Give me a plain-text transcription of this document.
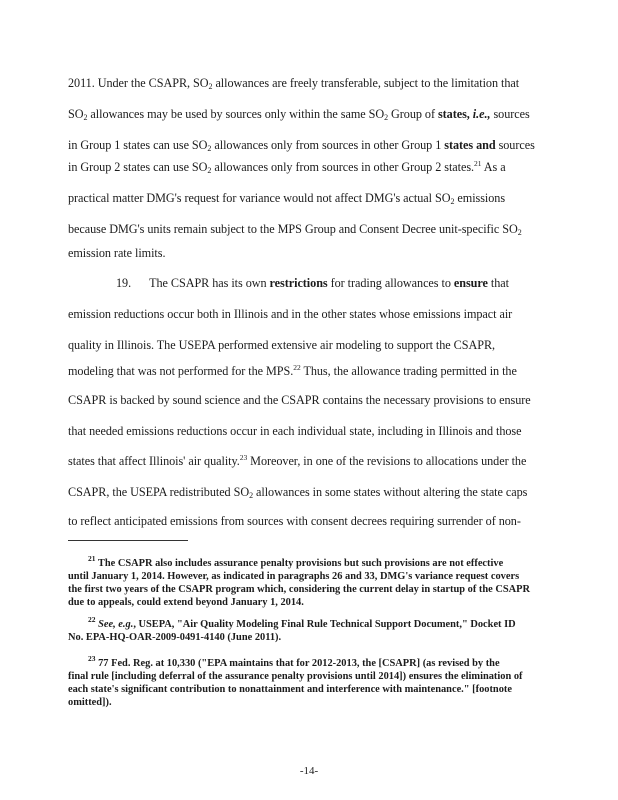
2011. Under the CSAPR, $SO_2$ allowances are freely transferable, subject to the limitation that
$SO_2$ allowances may be used by sources only within the same $SO_2$ Group of states, i.e., sources
in Group 1 states can use $SO_2$ allowances only from sources in other Group 1 states and sources
in Group 2 states can use $SO_2$ allowances only from sources in other Group 2 states.$^{21}$ As a
practical matter DMG's request for variance would not affect DMG's actual $SO_2$ emissions
because DMG's units remain subject to the MPS Group and Consent Decree unit-specific $SO_2$
emission rate limits.
19. The CSAPR has its own restrictions for trading allowances to ensure that
emission reductions occur both in Illinois and in the other states whose emissions impact air
quality in Illinois. The USEPA performed extensive air modeling to support the CSAPR,
modeling that was not performed for the MPS.$^{22}$ Thus, the allowance trading permitted in the
CSAPR is backed by sound science and the CSAPR contains the necessary provisions to ensure
that needed emissions reductions occur in each individual state, including in Illinois and those
states that affect Illinois' air quality.$^{23}$ Moreover, in one of the revisions to allocations under the
CSAPR, the USEPA redistributed $SO_2$ allowances in some states without altering the state caps
to reflect anticipated emissions from sources with consent decrees requiring surrender of non-
$^{21}$ The CSAPR also includes assurance penalty provisions but such provisions are not effective
until January 1, 2014. However, as indicated in paragraphs 26 and 33, DMG's variance request covers
the first two years of the CSAPR program which, considering the current delay in startup of the CSAPR
due to appeals, could extend beyond January 1, 2014.
$^{22}$ See, e.g., USEPA, "Air Quality Modeling Final Rule Technical Support Document," Docket ID
No. EPA-HQ-OAR-2009-0491-4140 (June 2011).
$^{23}$ 77 Fed. Reg. at 10,330 ("EPA maintains that for 2012-2013, the [CSAPR] (as revised by the
final rule [including deferral of the assurance penalty provisions until 2014]) ensures the elimination of
each state's significant contribution to nonattainment and interference with maintenance." [footnote
omitted]).
-14-
